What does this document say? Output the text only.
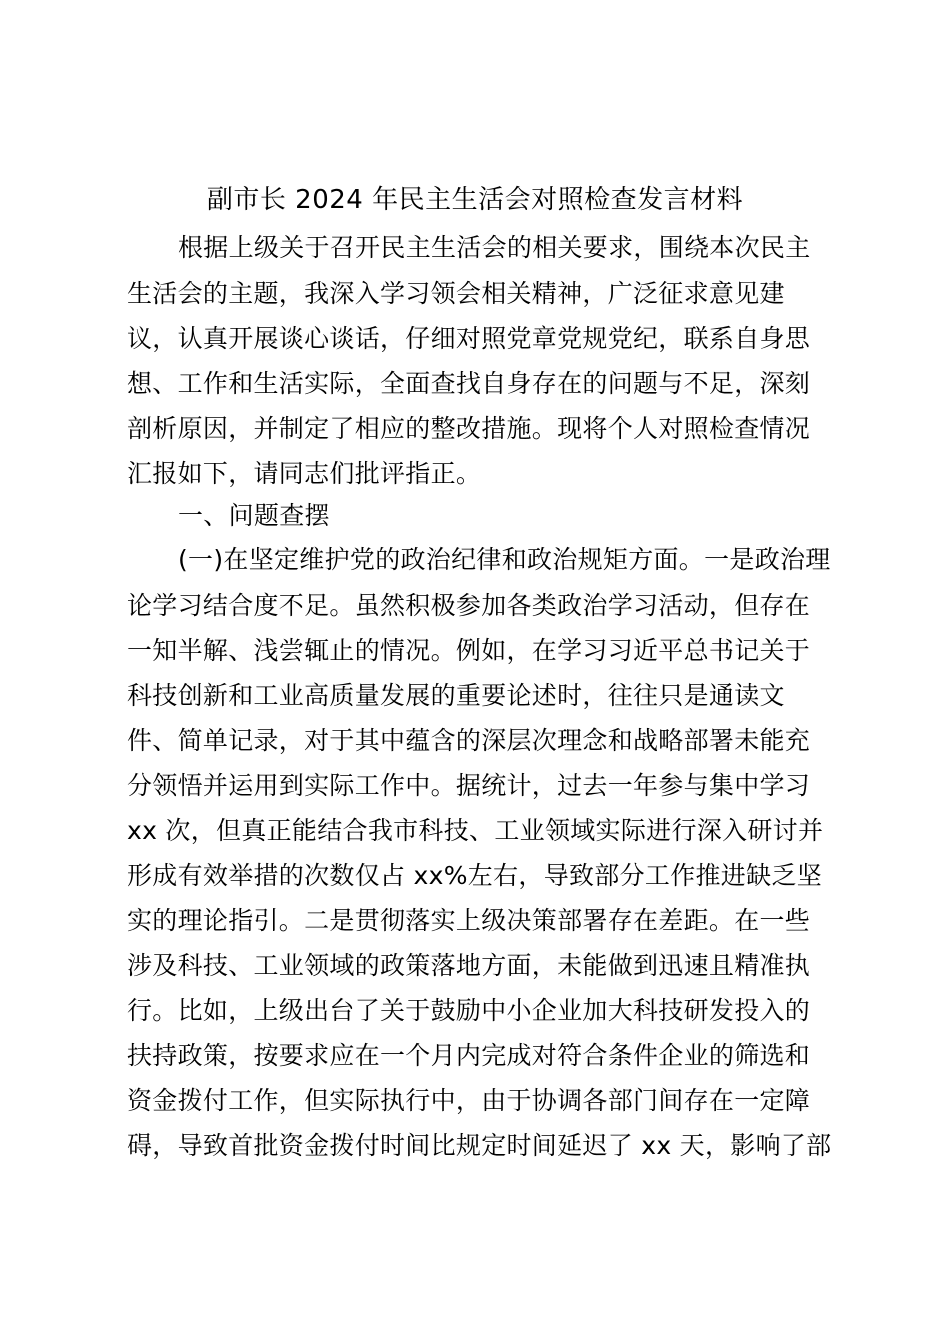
副市长 2024 年民主生活会对照检查发言材料
根据上级关于召开民主生活会的相关要求，围绕本次民主
生活会的主题，我深入学习领会相关精神，广泛征求意见建
议，认真开展谈心谈话，仔细对照党章党规党纪，联系自身思
想、工作和生活实际，全面查找自身存在的问题与不足，深刻
剖析原因，并制定了相应的整改措施。现将个人对照检查情况
汇报如下，请同志们批评指正。
一、问题查摆
(一)在坚定维护党的政治纪律和政治规矩方面。一是政治理
论学习结合度不足。虽然积极参加各类政治学习活动，但存在
一知半解、浅尝辄止的情况。例如，在学习习近平总书记关于
科技创新和工业高质量发展的重要论述时，往往只是通读文
件、简单记录，对于其中蕴含的深层次理念和战略部署未能充
分领悟并运用到实际工作中。据统计，过去一年参与集中学习
xx 次，但真正能结合我市科技、工业领域实际进行深入研讨并
形成有效举措的次数仅占 xx%左右，导致部分工作推进缺乏坚
实的理论指引。二是贯彻落实上级决策部署存在差距。在一些
涉及科技、工业领域的政策落地方面，未能做到迅速且精准执
行。比如，上级出台了关于鼓励中小企业加大科技研发投入的
扶持政策，按要求应在一个月内完成对符合条件企业的筛选和
资金拨付工作，但实际执行中，由于协调各部门间存在一定障
碍，导致首批资金拨付时间比规定时间延迟了 xx 天，影响了部
